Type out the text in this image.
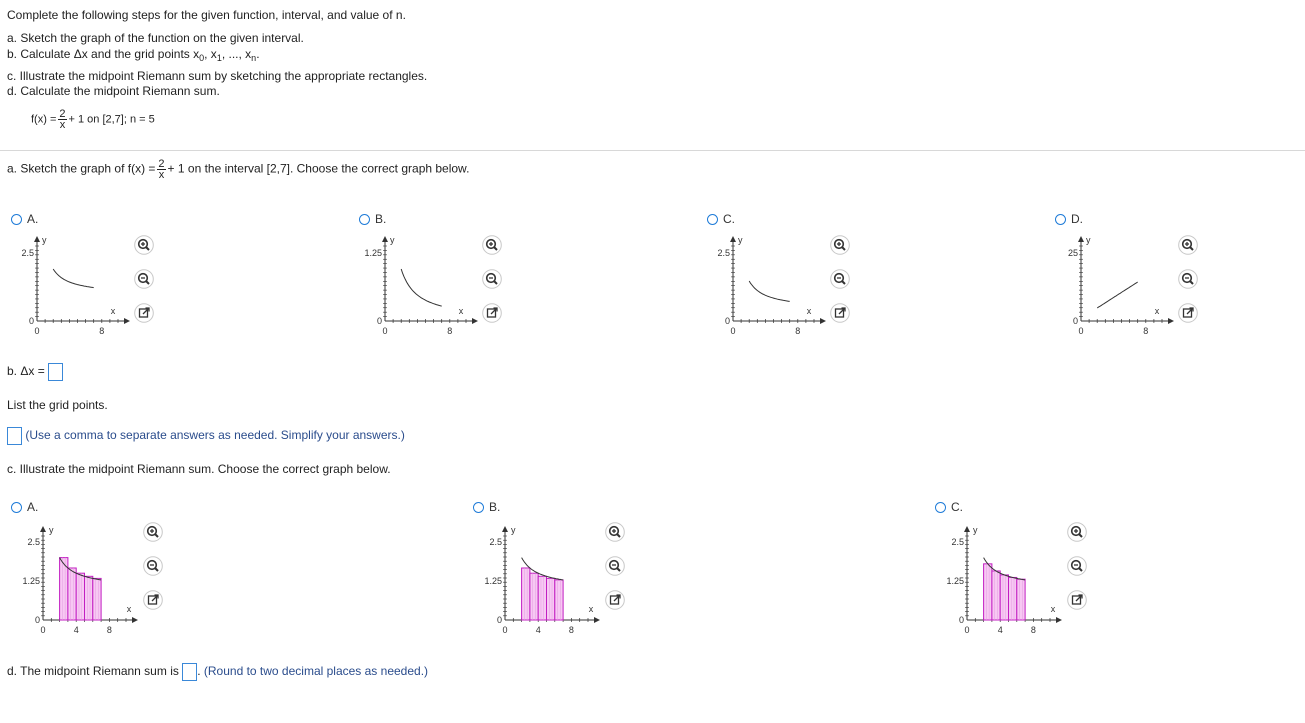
Complete the following steps for the given function, interval, and value of n.
a. Sketch the graph of the function on the given interval.
b. Calculate Δx and the grid points $x_0$, $x_1$, ..., $x_n$.
c. Illustrate the midpoint Riemann sum by sketching the appropriate rectangles.
d. Calculate the midpoint Riemann sum.
$f(x) = \frac{2}{x} + 1$ on [2,7]; n = 5
a. Sketch the graph of $f(x) = \frac{2}{x} + 1$ on the interval [2,7]. Choose the correct graph below.
A.
2.5
0
0	8
x
y
B.
1.25
0
0	8
x
y
C.
2.5
0
0	8
x
y
D.
25
0
0	8
x
y
b. Δx =
List the grid points.
(Use a comma to separate answers as needed. Simplify your answers.)
c. Illustrate the midpoint Riemann sum. Choose the correct graph below.
A.
2.5
1.25
0
0	4	8
x
y
B.
2.5
1.25
0
0	4	8
x
y
C.
2.5
1.25
0
0	4	8
x
y
d. The midpoint Riemann sum is . (Round to two decimal places as needed.)
